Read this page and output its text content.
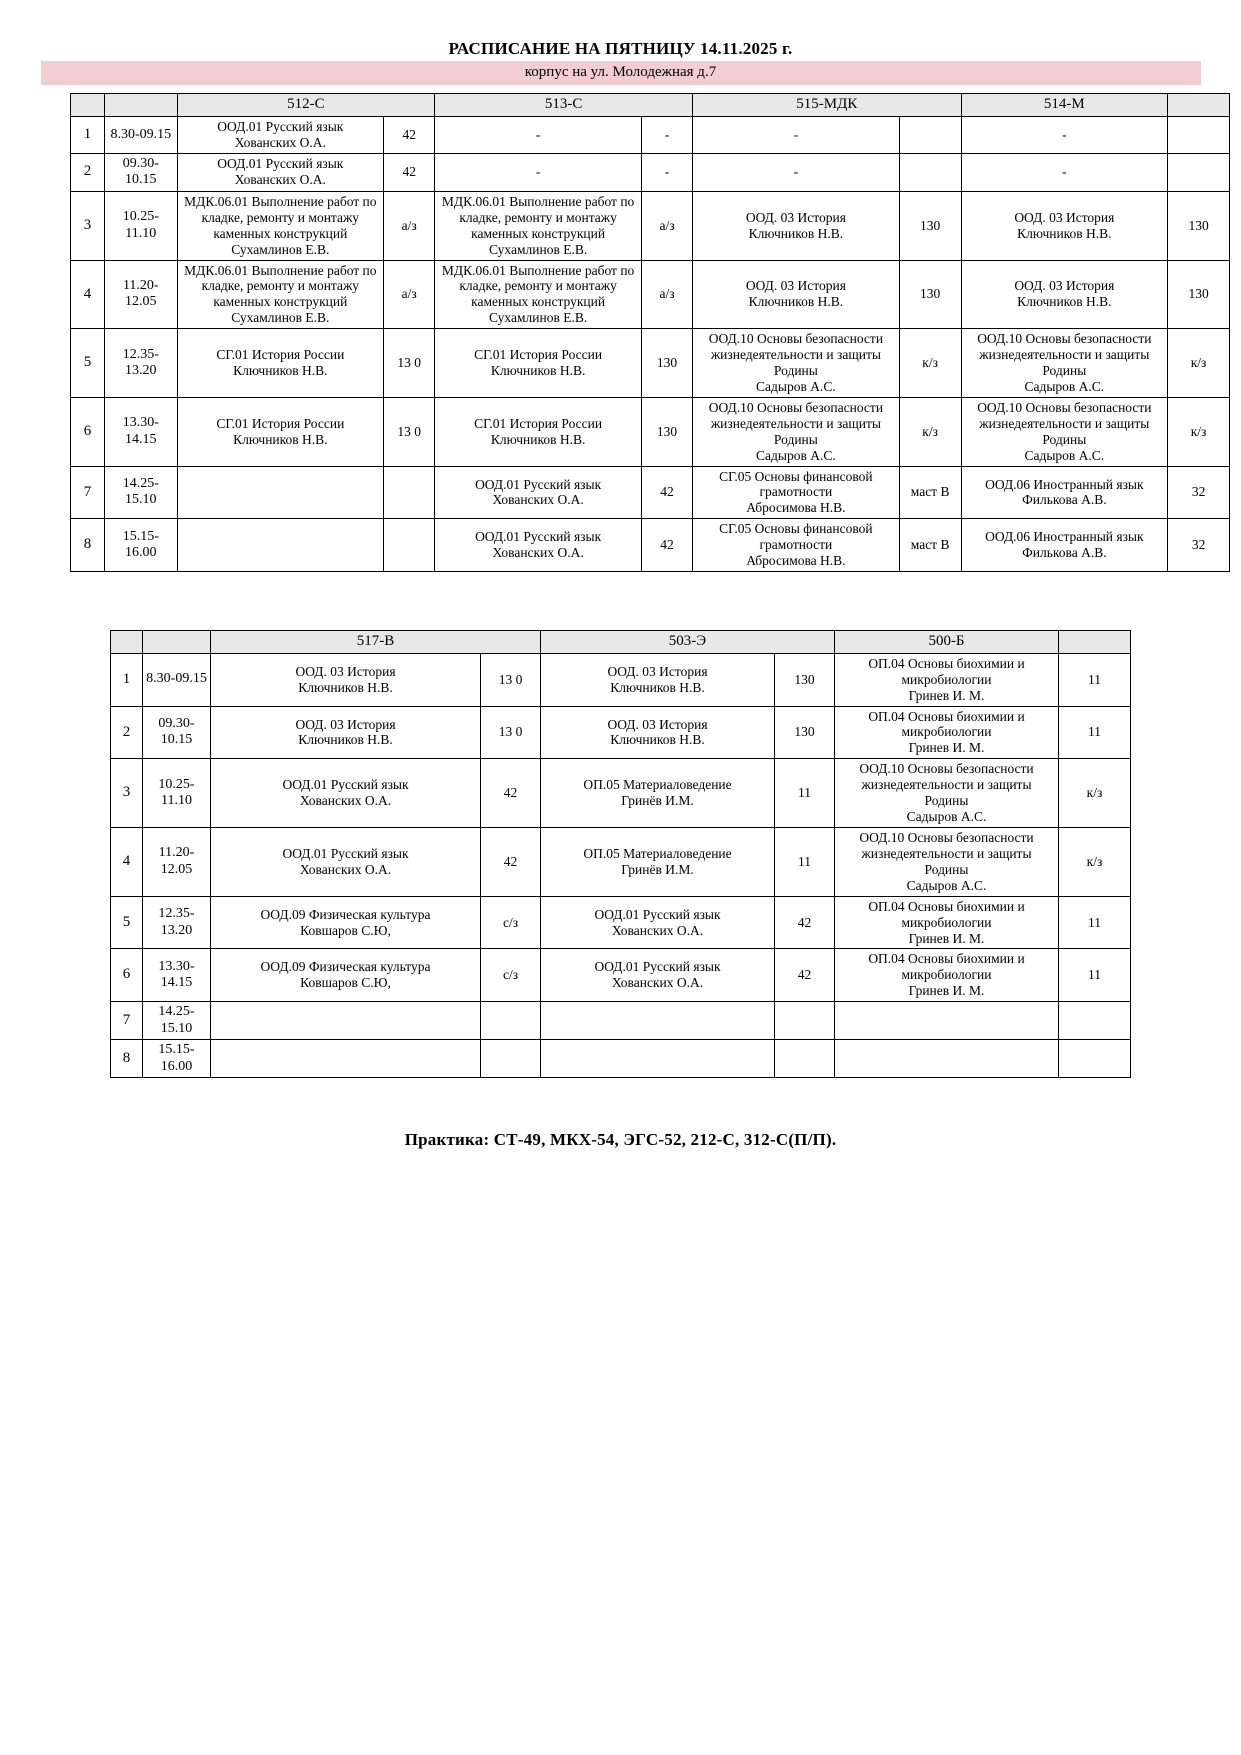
РАСПИСАНИЕ НА ПЯТНИЦУ 14.11.2025 г.
корпус на ул. Молодежная д.7
		512-С		513-С		515-МДК		514-М	
1	8.30-09.15	ООД.01 Русский язык
Хованских О.А.	42	-	-	-		-	
2	09.30-10.15	ООД.01 Русский язык
Хованских О.А.	42	-	-	-		-	
3	10.25-11.10	МДК.06.01 Выполнение работ по кладке, ремонту и монтажу каменных конструкций
Сухамлинов Е.В.	а/з	МДК.06.01 Выполнение работ по кладке, ремонту и монтажу каменных конструкций
Сухамлинов Е.В.	а/з	ООД. 03 История
Ключников Н.В.	130	ООД. 03 История
Ключников Н.В.	130
4	11.20-12.05	МДК.06.01 Выполнение работ по кладке, ремонту и монтажу каменных конструкций
Сухамлинов Е.В.	а/з	МДК.06.01 Выполнение работ по кладке, ремонту и монтажу каменных конструкций
Сухамлинов Е.В.	а/з	ООД. 03 История
Ключников Н.В.	130	ООД. 03 История
Ключников Н.В.	130
5	12.35-13.20	СГ.01 История России
Ключников Н.В.	13 0	СГ.01 История России
Ключников Н.В.	130	ООД.10 Основы безопасности жизнедеятельности и защиты Родины
Садыров А.С.	к/з	ООД.10 Основы безопасности жизнедеятельности и защиты Родины
Садыров А.С.	к/з
6	13.30-14.15	СГ.01 История России
Ключников Н.В.	13 0	СГ.01 История России
Ключников Н.В.	130	ООД.10 Основы безопасности жизнедеятельности и защиты Родины
Садыров А.С.	к/з	ООД.10 Основы безопасности жизнедеятельности и защиты Родины
Садыров А.С.	к/з
7	14.25-15.10			ООД.01 Русский язык
Хованских О.А.	42	СГ.05 Основы финансовой грамотности
Абросимова Н.В.	маст В	ООД.06 Иностранный язык
Филькова А.В.	32
8	15.15-16.00			ООД.01 Русский язык
Хованских О.А.	42	СГ.05 Основы финансовой грамотности
Абросимова Н.В.	маст В	ООД.06 Иностранный язык
Филькова А.В.	32
		517-В		503-Э		500-Б	
1	8.30-09.15	ООД. 03 История
Ключников Н.В.	13 0	ООД. 03 История
Ключников Н.В.	130	ОП.04 Основы биохимии и микробиологии
Гринев И. М.	11
2	09.30-10.15	ООД. 03 История
Ключников Н.В.	13 0	ООД. 03 История
Ключников Н.В.	130	ОП.04 Основы биохимии и микробиологии
Гринев И. М.	11
3	10.25-11.10	ООД.01 Русский язык
Хованских О.А.	42	ОП.05 Материаловедение
Гринёв И.М.	11	ООД.10 Основы безопасности жизнедеятельности и защиты Родины
Садыров А.С.	к/з
4	11.20-12.05	ООД.01 Русский язык
Хованских О.А.	42	ОП.05 Материаловедение
Гринёв И.М.	11	ООД.10 Основы безопасности жизнедеятельности и защиты Родины
Садыров А.С.	к/з
5	12.35-13.20	ООД.09 Физическая культура
Ковшаров С.Ю,	с/з	ООД.01 Русский язык
Хованских О.А.	42	ОП.04 Основы биохимии и микробиологии
Гринев И. М.	11
6	13.30-14.15	ООД.09 Физическая культура
Ковшаров С.Ю,	с/з	ООД.01 Русский язык
Хованских О.А.	42	ОП.04 Основы биохимии и микробиологии
Гринев И. М.	11
7	14.25-15.10						
8	15.15-16.00						
Практика: СТ-49, МКХ-54, ЭГС-52, 212-С, 312-С(П/П).
